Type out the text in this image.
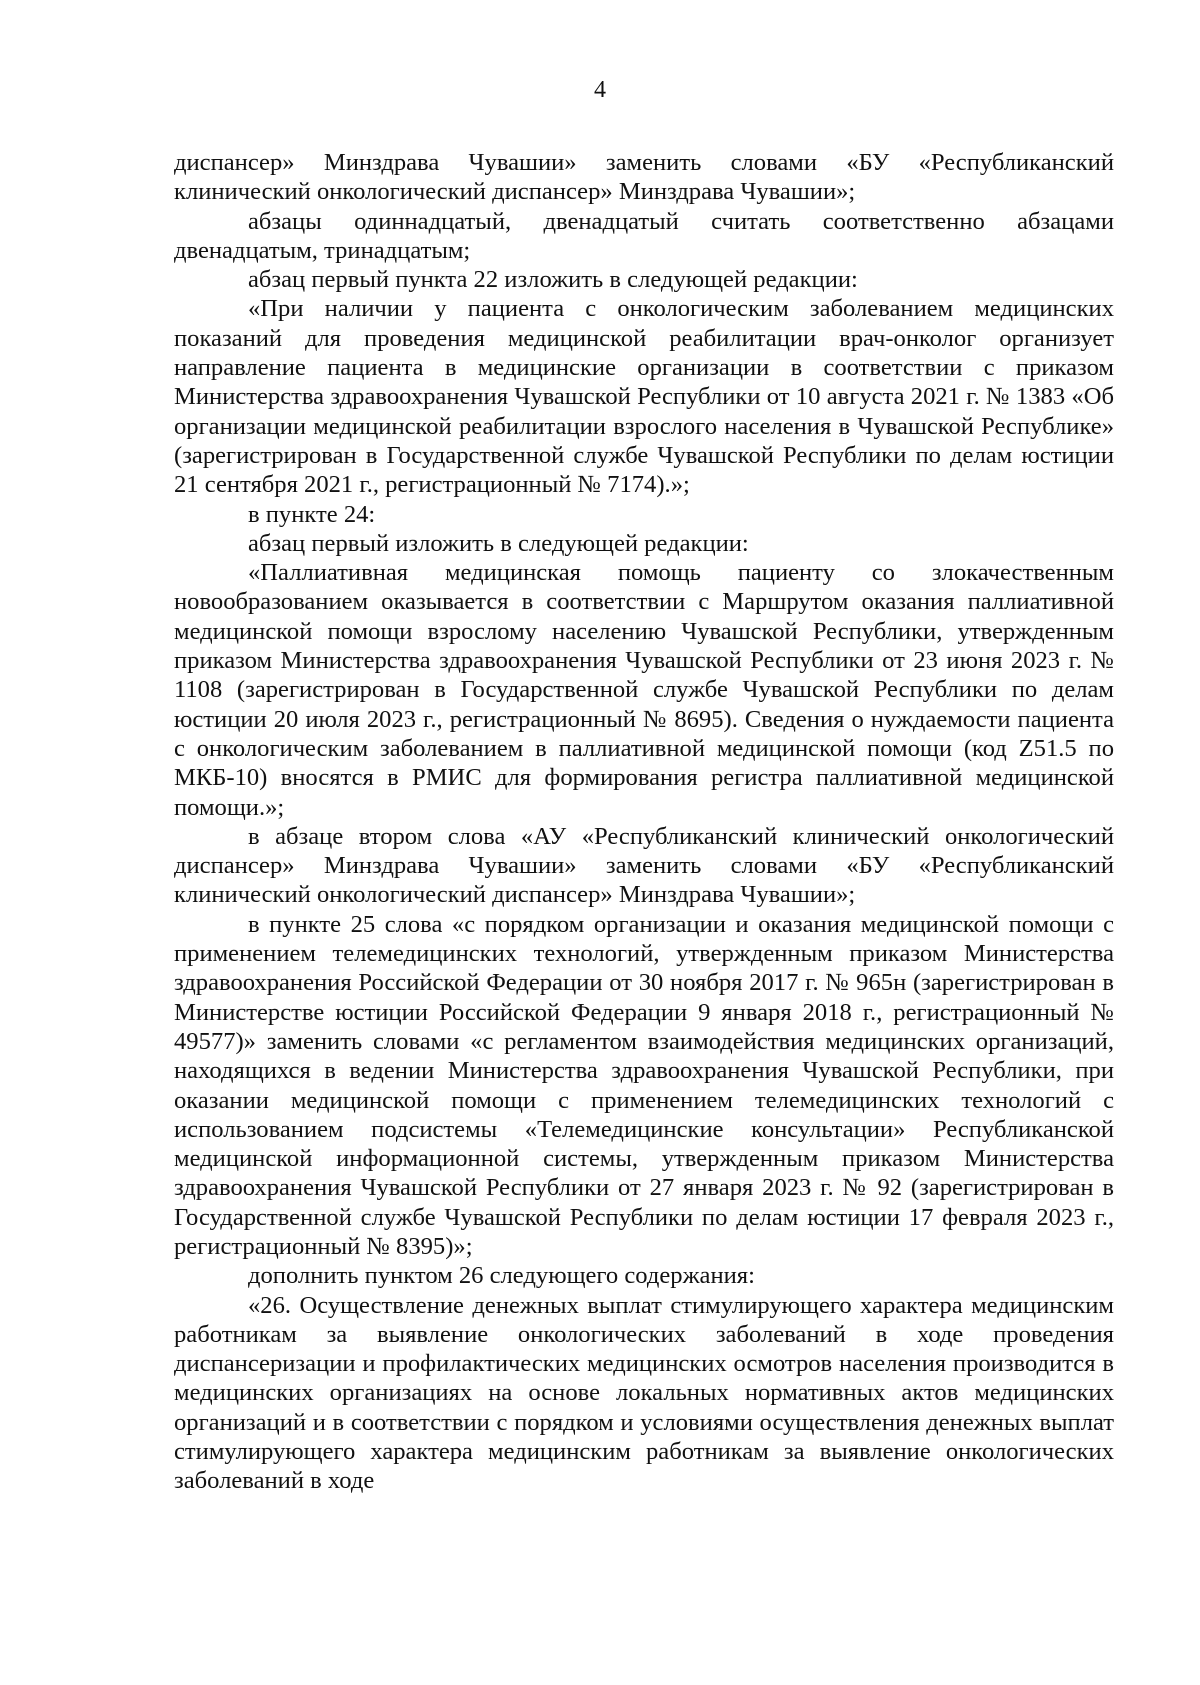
4

диспансер» Минздрава Чувашии» заменить словами «БУ «Республиканский клинический онкологический диспансер» Минздрава Чувашии»;

абзацы одиннадцатый, двенадцатый считать соответственно абзацами двенадцатым, тринадцатым;

абзац первый пункта 22 изложить в следующей редакции:

«При наличии у пациента с онкологическим заболеванием медицинских показаний для проведения медицинской реабилитации врач-онколог организует направление пациента в медицинские организации в соответствии с приказом Министерства здравоохранения Чувашской Республики от 10 августа 2021 г. № 1383 «Об организации медицинской реабилитации взрослого населения в Чувашской Республике» (зарегистрирован в Государственной службе Чувашской Республики по делам юстиции 21 сентября 2021 г., регистрационный № 7174).»;

в пункте 24:

абзац первый изложить в следующей редакции:

«Паллиативная медицинская помощь пациенту со злокачественным новообразованием оказывается в соответствии с Маршрутом оказания паллиативной медицинской помощи взрослому населению Чувашской Республики, утвержденным приказом Министерства здравоохранения Чувашской Республики от 23 июня 2023 г. № 1108 (зарегистрирован в Государственной службе Чувашской Республики по делам юстиции 20 июля 2023 г., регистрационный № 8695). Сведения о нуждаемости пациента с онкологическим заболеванием в паллиативной медицинской помощи (код Z51.5 по МКБ-10) вносятся в РМИС для формирования регистра паллиативной медицинской помощи.»;

в абзаце втором слова «АУ «Республиканский клинический онкологический диспансер» Минздрава Чувашии» заменить словами «БУ «Республиканский клинический онкологический диспансер» Минздрава Чувашии»;

в пункте 25 слова «с порядком организации и оказания медицинской помощи с применением телемедицинских технологий, утвержденным приказом Министерства здравоохранения Российской Федерации от 30 ноября 2017 г. № 965н (зарегистрирован в Министерстве юстиции Российской Федерации 9 января 2018 г., регистрационный № 49577)» заменить словами «с регламентом взаимодействия медицинских организаций, находящихся в ведении Министерства здравоохранения Чувашской Республики, при оказании медицинской помощи с применением телемедицинских технологий с использованием подсистемы «Телемедицинские консультации» Республиканской медицинской информационной системы, утвержденным приказом Министерства здравоохранения Чувашской Республики от 27 января 2023 г. № 92 (зарегистрирован в Государственной службе Чувашской Республики по делам юстиции 17 февраля 2023 г., регистрационный № 8395)»;

дополнить пунктом 26 следующего содержания:

«26. Осуществление денежных выплат стимулирующего характера медицинским работникам за выявление онкологических заболеваний в ходе проведения диспансеризации и профилактических медицинских осмотров населения производится в медицинских организациях на основе локальных нормативных актов медицинских организаций и в соответствии с порядком и условиями осуществления денежных выплат стимулирующего характера медицинским работникам за выявление онкологических заболеваний в ходе
